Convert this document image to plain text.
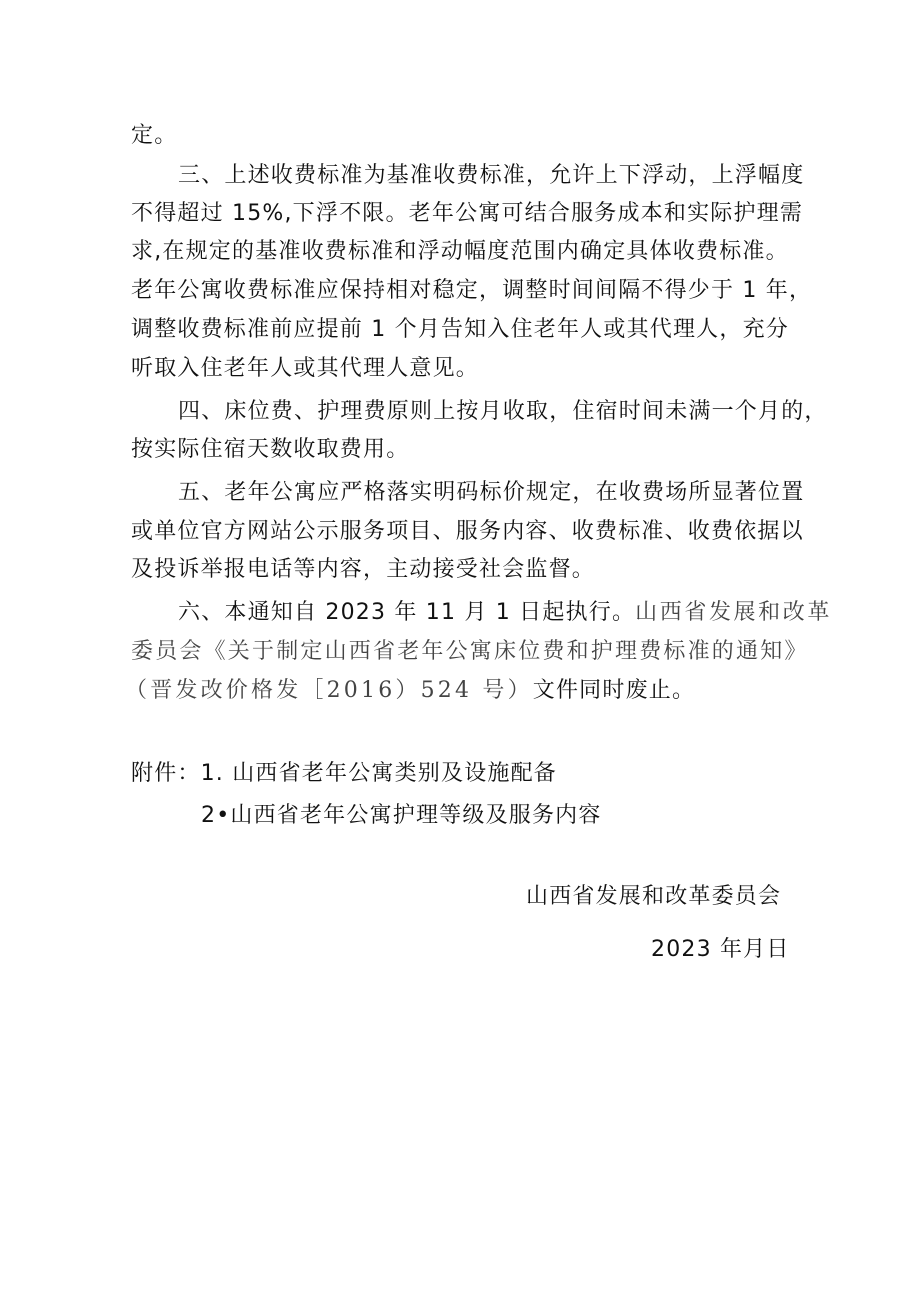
定。
三、上述收费标准为基准收费标准，允许上下浮动，上浮幅度
不得超过 15%,下浮不限。老年公寓可结合服务成本和实际护理需
求,在规定的基准收费标准和浮动幅度范围内确定具体收费标准。
老年公寓收费标准应保持相对稳定，调整时间间隔不得少于 1 年，
调整收费标准前应提前 1 个月告知入住老年人或其代理人，充分
听取入住老年人或其代理人意见。
四、床位费、护理费原则上按月收取，住宿时间未满一个月的，
按实际住宿天数收取费用。
五、老年公寓应严格落实明码标价规定，在收费场所显著位置
或单位官方网站公示服务项目、服务内容、收费标准、收费依据以
及投诉举报电话等内容，主动接受社会监督。
六、本通知自 2023 年 11 月 1 日起执行。山西省发展和改革
委员会《关于制定山西省老年公寓床位费和护理费标准的通知》
（晋发改价格发［2016）524 号）文件同时废止。
附件：1. 山西省老年公寓类别及设施配备
2•山西省老年公寓护理等级及服务内容
山西省发展和改革委员会
2023 年月日
